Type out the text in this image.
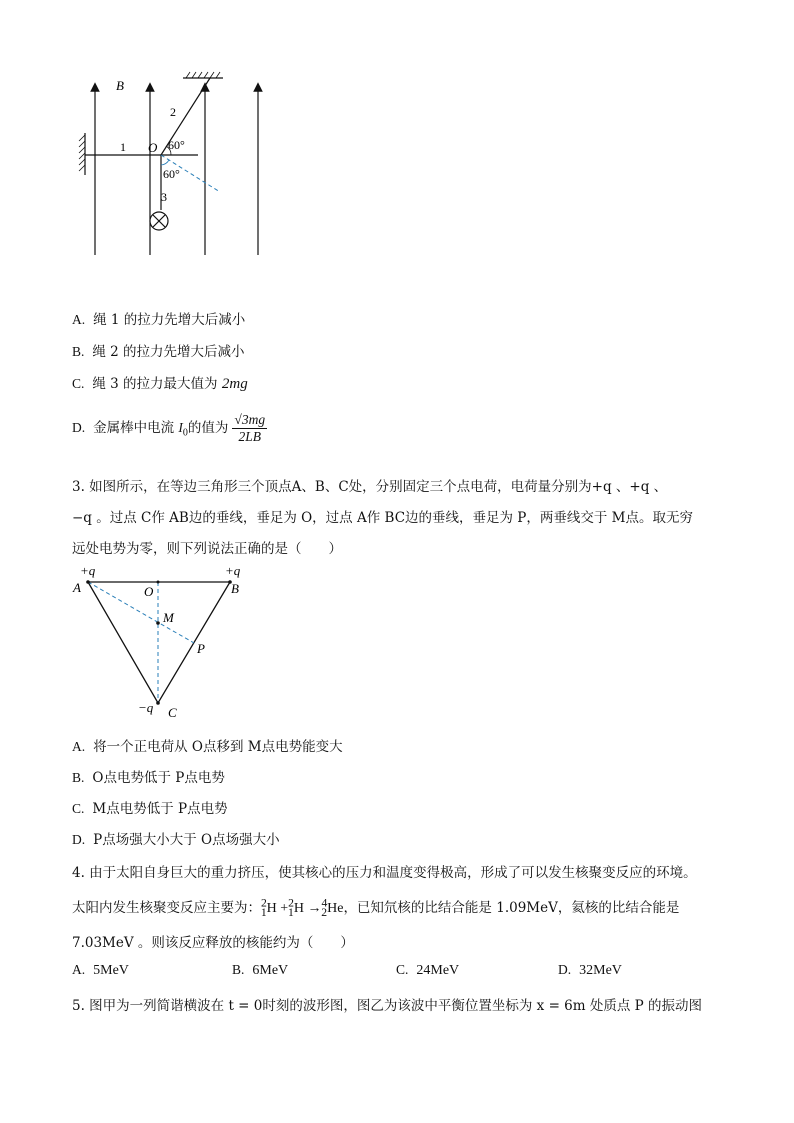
B
1
2
O 60°
60°
3
A. 绳 1 的拉力先增大后减小
B. 绳 2 的拉力先增大后减小
C. 绳 3 的拉力最大值为 2mg
D. 金属棒中电流 $I_0$的值为 $\frac{√3mg}{2LB}$
3. 如图所示，在等边三角形三个顶点A、B、C处，分别固定三个点电荷，电荷量分别为+q 、+q 、
−q 。过点 C作 AB边的垂线，垂足为 O，过点 A作 BC边的垂线，垂足为 P，两垂线交于 M点。取无穷
远处电势为零，则下列说法正确的是（　　）
+q	+q
−q
A	B
C
O
M
P
A. 将一个正电荷从 O点移到 M点电势能变大
B. O点电势低于 P点电势
C. M点电势低于 P点电势
D. P点场强大小大于 O点场强大小
4. 由于太阳自身巨大的重力挤压，使其核心的压力和温度变得极高，形成了可以发生核聚变反应的环境。
太阳内发生核聚变反应主要为：$^2_1$H +$^2_1$H →$^4_2$He，已知氘核的比结合能是 1.09MeV，氦核的比结合能是
7.03MeV 。则该反应释放的核能约为（　　）
A. 5MeV	B. 6MeV	C. 24MeV	D. 32MeV
5. 图甲为一列简谐横波在 t = 0时刻的波形图，图乙为该波中平衡位置坐标为 x = 6m 处质点 P 的振动图
